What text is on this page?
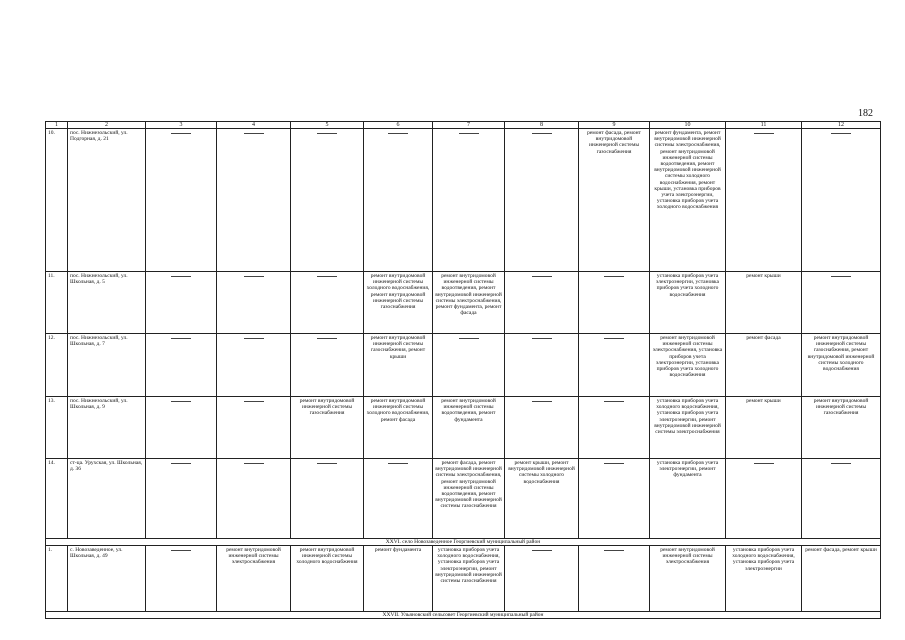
182
1	2	3	4	5	6	7	8	9	10	11	12
10.	пос. Нижнезольский, ул. Подгорная, д. 21							ремонт фасада, ремонт внутридомовой инженерной системы газоснабжения	ремонт фундамента, ремонт внутридомовой инженерной системы электроснабжения, ремонт внутридомовой инженерной системы водоотведения, ремонт внутридомовой инженерной системы холодного водоснабжения, ремонт крыши, установка приборов учета электроэнергии, установка приборов учета холодного водоснабжения		
11.	пос. Нижнезольский, ул. Школьная, д. 5				ремонт внутридомовой инженерной системы холодного водоснабжения, ремонт внутридомовой инженерной системы газоснабжения	ремонт внутридомовой инженерной системы водоотведения, ремонт внутридомовой инженерной системы электроснабжения, ремонт фундамента, ремонт фасада			установка приборов учета электроэнергии, установка приборов учета холодного водоснабжения	ремонт крыши	
12.	пос. Нижнезольский, ул. Школьная, д. 7				ремонт внутридомовой инженерной системы газоснабжения, ремонт крыши				ремонт внутридомовой инженерной системы электроснабжения, установка приборов учета электроэнергии, установка приборов учета холодного водоснабжения	ремонт фасада	ремонт внутридомовой инженерной системы газоснабжения, ремонт внутридомовой инженерной системы холодного водоснабжения
13.	пос. Нижнезольский, ул. Школьная, д. 9			ремонт внутридомовой инженерной системы газоснабжения	ремонт внутридомовой инженерной системы холодного водоснабжения, ремонт фасада	ремонт внутридомовой инженерной системы водоотведения, ремонт фундамента			установка приборов учета холодного водоснабжения, установка приборов учета электроэнергии, ремонт внутридомовой инженерной системы электроснабжения	ремонт крыши	ремонт внутридомовой инженерной системы газоснабжения
14.	ст-ца. Урухская, ул. Школьная, д. 36					ремонт фасада, ремонт внутридомовой инженерной системы электроснабжения, ремонт внутридомовой инженерной системы водоотведения, ремонт внутридомовой инженерной системы газоснабжения	ремонт крыши, ремонт внутридомовой инженерной системы холодного водоснабжения		установка приборов учета электроэнергии, ремонт фундамента		
XXVI. село Новозаведенное Георгиевский муниципальный район											
1.	с. Новозаведенное, ул. Школьная, д. 49		ремонт внутридомовой инженерной системы электроснабжения	ремонт внутридомовой инженерной системы холодного водоснабжения	ремонт фундамента	установка приборов учета холодного водоснабжения, установка приборов учета электроэнергии, ремонт внутридомовой инженерной системы газоснабжения			ремонт внутридомовой инженерной системы электроснабжения	установка приборов учета холодного водоснабжения, установка приборов учета электроэнергии	ремонт фасада, ремонт крыши
XXVII. Ульяновский сельсовет Георгиевский муниципальный район											
